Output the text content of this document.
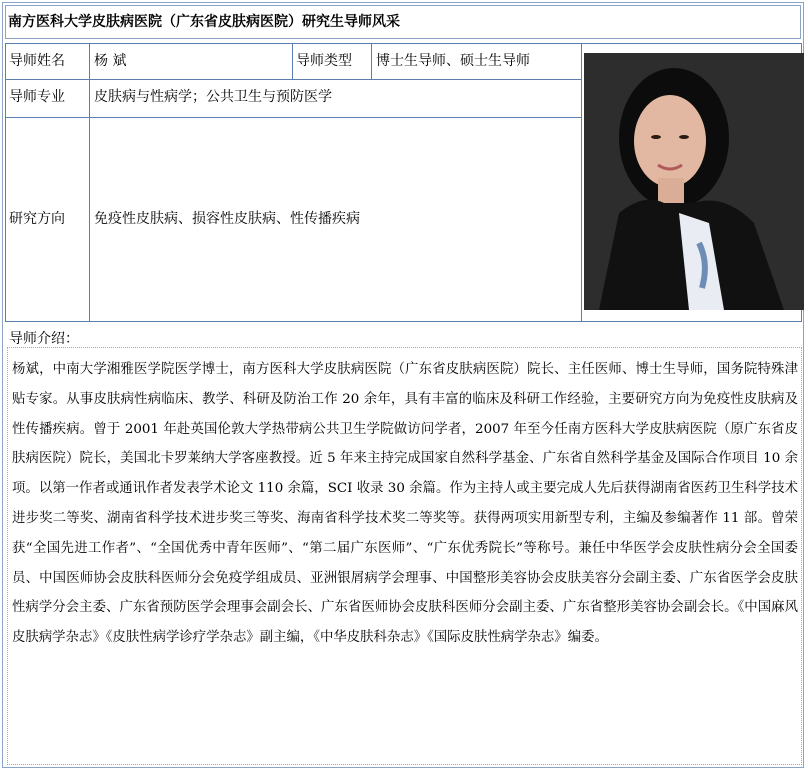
南方医科大学皮肤病医院（广东省皮肤病医院）研究生导师风采
导师姓名	杨 斌	导师类型	博士生导师、硕士生导师
导师专业	皮肤病与性病学；公共卫生与预防医学
研究方向	免疫性皮肤病、损容性皮肤病、性传播疾病
导师介绍：
杨斌，中南大学湘雅医学院医学博士，南方医科大学皮肤病医院（广东省皮肤病医院）院长、主任医师、博士生导师，国务院特殊津贴专家。从事皮肤病性病临床、教学、科研及防治工作 20 余年，具有丰富的临床及科研工作经验，主要研究方向为免疫性皮肤病及性传播疾病。曾于 2001 年赴英国伦敦大学热带病公共卫生学院做访问学者，2007 年至今任南方医科大学皮肤病医院（原广东省皮肤病医院）院长，美国北卡罗莱纳大学客座教授。近 5 年来主持完成国家自然科学基金、广东省自然科学基金及国际合作项目 10 余项。以第一作者或通讯作者发表学术论文 110 余篇，SCI 收录 30 余篇。作为主持人或主要完成人先后获得湖南省医药卫生科学技术进步奖二等奖、湖南省科学技术进步奖三等奖、海南省科学技术奖二等奖等。获得两项实用新型专利，主编及参编著作 11 部。曾荣获“全国先进工作者”、“全国优秀中青年医师”、“第二届广东医师”、“广东优秀院长”等称号。兼任中华医学会皮肤性病分会全国委员、中国医师协会皮肤科医师分会免疫学组成员、亚洲银屑病学会理事、中国整形美容协会皮肤美容分会副主委、广东省医学会皮肤性病学分会主委、广东省预防医学会理事会副会长、广东省医师协会皮肤科医师分会副主委、广东省整形美容协会副会长。《中国麻风皮肤病学杂志》《皮肤性病学诊疗学杂志》副主编，《中华皮肤科杂志》《国际皮肤性病学杂志》编委。
